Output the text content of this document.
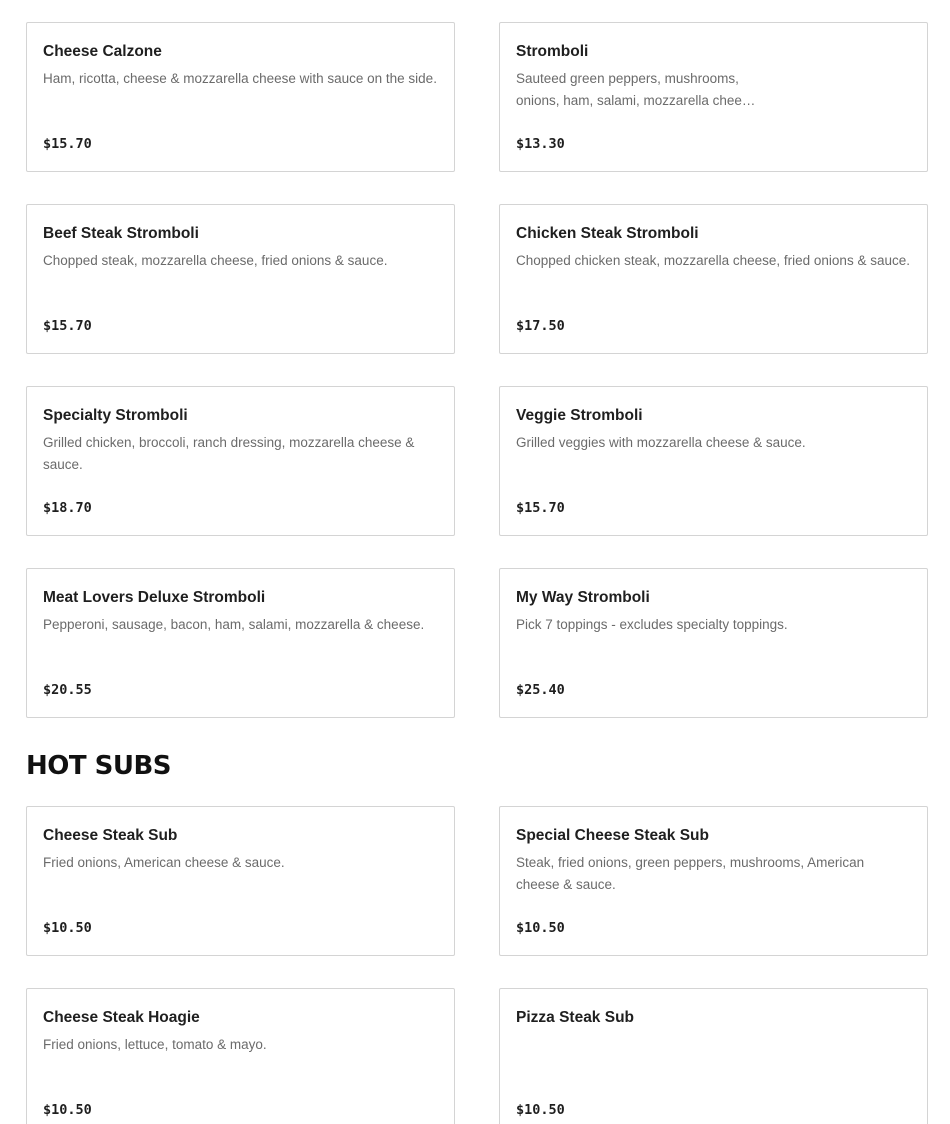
Cheese Calzone
Ham, ricotta, cheese & mozzarella cheese with sauce on the side.
$15.70
Stromboli
Sauteed green peppers, mushrooms, onions, ham, salami, mozzarella chee…
$13.30
Beef Steak Stromboli
Chopped steak, mozzarella cheese, fried onions & sauce.
$15.70
Chicken Steak Stromboli
Chopped chicken steak, mozzarella cheese, fried onions & sauce.
$17.50
Specialty Stromboli
Grilled chicken, broccoli, ranch dressing, mozzarella cheese & sauce.
$18.70
Veggie Stromboli
Grilled veggies with mozzarella cheese & sauce.
$15.70
Meat Lovers Deluxe Stromboli
Pepperoni, sausage, bacon, ham, salami, mozzarella & cheese.
$20.55
My Way Stromboli
Pick 7 toppings - excludes specialty toppings.
$25.40
HOT SUBS
Cheese Steak Sub
Fried onions, American cheese & sauce.
$10.50
Special Cheese Steak Sub
Steak, fried onions, green peppers, mushrooms, American cheese & sauce.
$10.50
Cheese Steak Hoagie
Fried onions, lettuce, tomato & mayo.
$10.50
Pizza Steak Sub
$10.50
